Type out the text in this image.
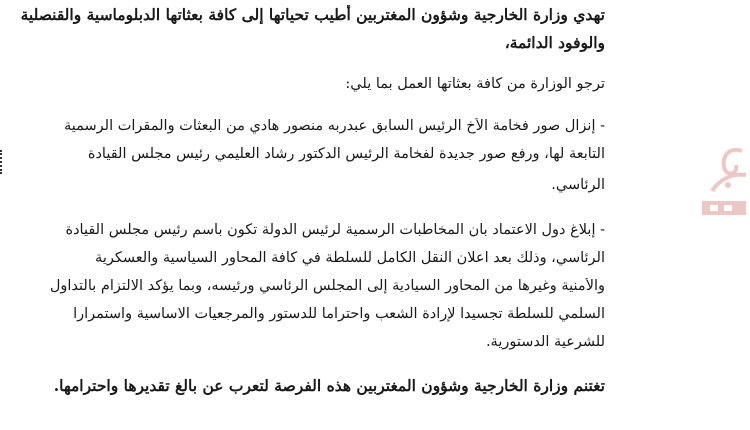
تهدي وزارة الخارجية وشؤون المغتربين أطيب تحياتها إلى كافة بعثاتها الدبلوماسية والقنصلية
والوفود الدائمة،
ترجو الوزارة من كافة بعثاتها العمل بما يلي:
- إنزال صور فخامة الأخ الرئيس السابق عبدربه منصور هادي من البعثات والمقرات الرسمية
التابعة لها، ورفع صور جديدة لفخامة الرئيس الدكتور رشاد العليمي رئيس مجلس القيادة
الرئاسي.
- إبلاغ دول الاعتماد بان المخاطبات الرسمية لرئيس الدولة تكون باسم رئيس مجلس القيادة
الرئاسي، وذلك بعد اعلان النقل الكامل للسلطة في كافة المحاور السياسية والعسكرية
والأمنية وغيرها من المحاور السيادية إلى المجلس الرئاسي ورئيسه، وبما يؤكد الالتزام بالتداول
السلمي للسلطة تجسيدا لإرادة الشعب واحتراما للدستور والمرجعيات الاساسية واستمرارا
للشرعية الدستورية.
تغتنم وزارة الخارجية وشؤون المغتربين هذه الفرصة لتعرب عن بالغ تقديرها واحترامها.
